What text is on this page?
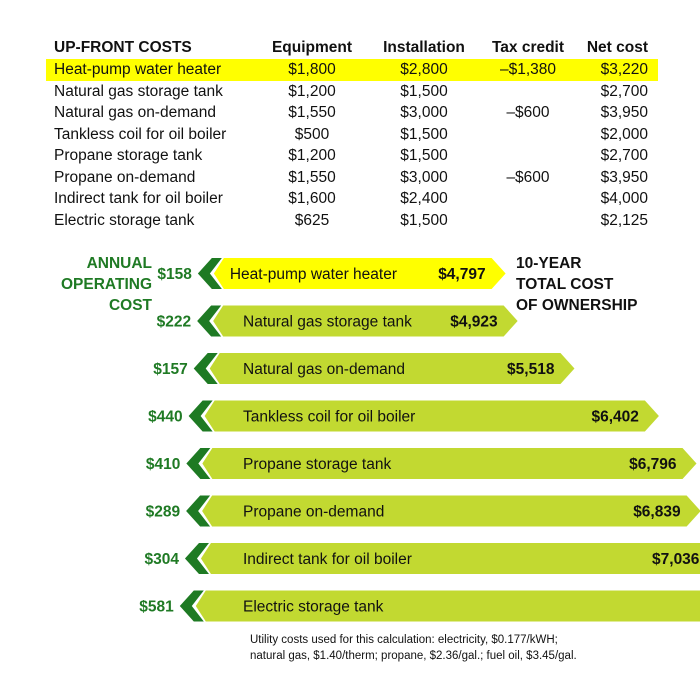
UP-FRONT COSTS	Equipment	Installation	Tax credit	Net cost
Heat-pump water heater	$1,800	$2,800	–$1,380	$3,220
Natural gas storage tank	$1,200	$1,500		$2,700
Natural gas on-demand	$1,550	$3,000	–$600	$3,950
Tankless coil for oil boiler	$500	$1,500		$2,000
Propane storage tank	$1,200	$1,500		$2,700
Propane on-demand	$1,550	$3,000	–$600	$3,950
Indirect tank for oil boiler	$1,600	$2,400		$4,000
Electric storage tank	$625	$1,500		$2,125
ANNUAL
OPERATING
COST
10-YEAR
TOTAL COST
OF OWNERSHIP
Heat-pump water heater	$4,797
$158
Natural gas storage tank $4,923
$222
Natural gas on-demand	$5,518
$157
Tankless coil for oil boiler	$6,402
$440
Propane storage tank	$6,796
$410
Propane on-demand	$6,839
$289
Indirect tank for oil boiler	$7,036
$304
Electric storage tank
$581
Utility costs used for this calculation: electricity, $0.177/kWH;
natural gas, $1.40/therm; propane, $2.36/gal.; fuel oil, $3.45/gal.
